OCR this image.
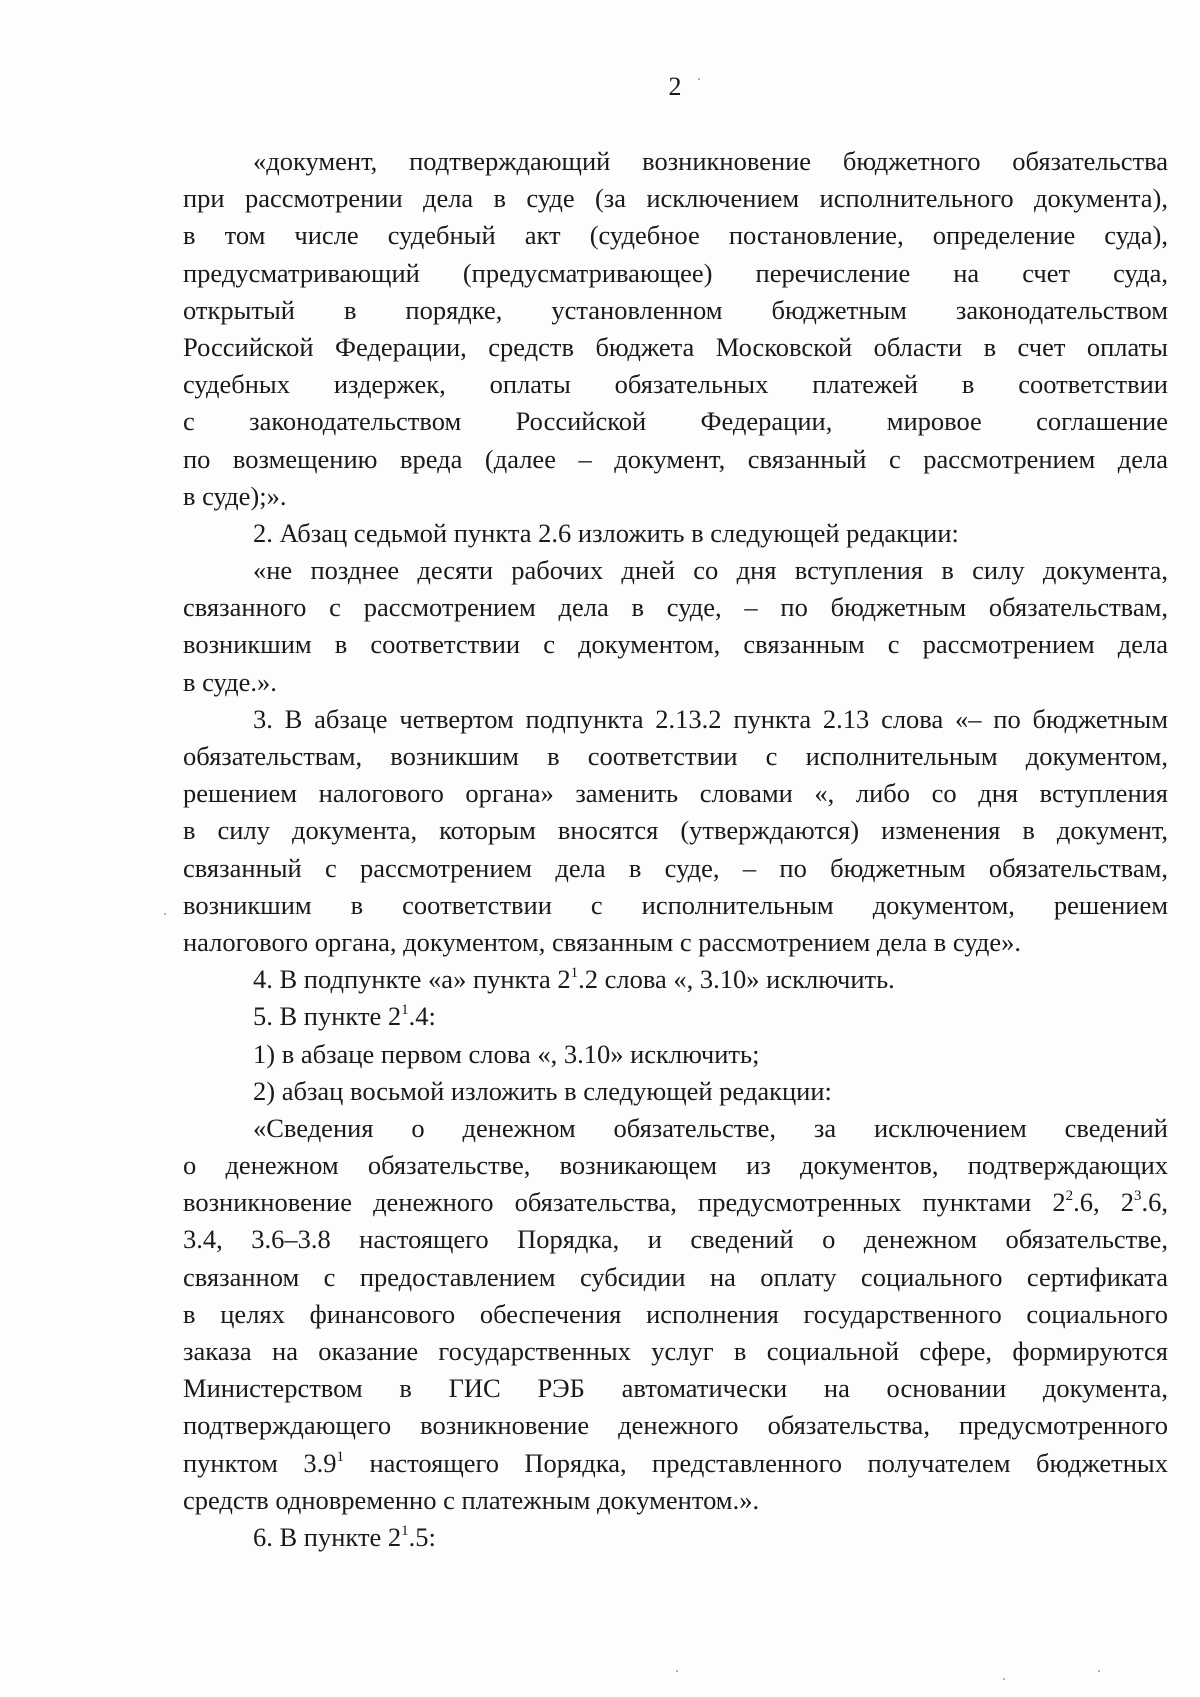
2
«документ, подтверждающий возникновение бюджетного обязательства
при рассмотрении дела в суде (за исключением исполнительного документа),
в том числе судебный акт (судебное постановление, определение суда),
предусматривающий (предусматривающее) перечисление на счет суда,
открытый в порядке, установленном бюджетным законодательством
Российской Федерации, средств бюджета Московской области в счет оплаты
судебных издержек, оплаты обязательных платежей в соответствии
с законодательством Российской Федерации, мировое соглашение
по возмещению вреда (далее – документ, связанный с рассмотрением дела
в суде);».
2. Абзац седьмой пункта 2.6 изложить в следующей редакции:
«не позднее десяти рабочих дней со дня вступления в силу документа,
связанного с рассмотрением дела в суде, – по бюджетным обязательствам,
возникшим в соответствии с документом, связанным с рассмотрением дела
в суде.».
3. В абзаце четвертом подпункта 2.13.2 пункта 2.13 слова «– по бюджетным
обязательствам, возникшим в соответствии с исполнительным документом,
решением налогового органа» заменить словами «, либо со дня вступления
в силу документа, которым вносятся (утверждаются) изменения в документ,
связанный с рассмотрением дела в суде, – по бюджетным обязательствам,
возникшим в соответствии с исполнительным документом, решением
налогового органа, документом, связанным с рассмотрением дела в суде».
4. В подпункте «а» пункта $2^1.2$ слова «, 3.10» исключить.
5. В пункте $2^1.4$:
1) в абзаце первом слова «, 3.10» исключить;
2) абзац восьмой изложить в следующей редакции:
«Сведения о денежном обязательстве, за исключением сведений
о денежном обязательстве, возникающем из документов, подтверждающих
возникновение денежного обязательства, предусмотренных пунктами $2^2.6$, $2^3.6$,
3.4, 3.6–3.8 настоящего Порядка, и сведений о денежном обязательстве,
связанном с предоставлением субсидии на оплату социального сертификата
в целях финансового обеспечения исполнения государственного социального
заказа на оказание государственных услуг в социальной сфере, формируются
Министерством в ГИС РЭБ автоматически на основании документа,
подтверждающего возникновение денежного обязательства, предусмотренного
пунктом $3.9^1$ настоящего Порядка, представленного получателем бюджетных
средств одновременно с платежным документом.».
6. В пункте $2^1.5$:
